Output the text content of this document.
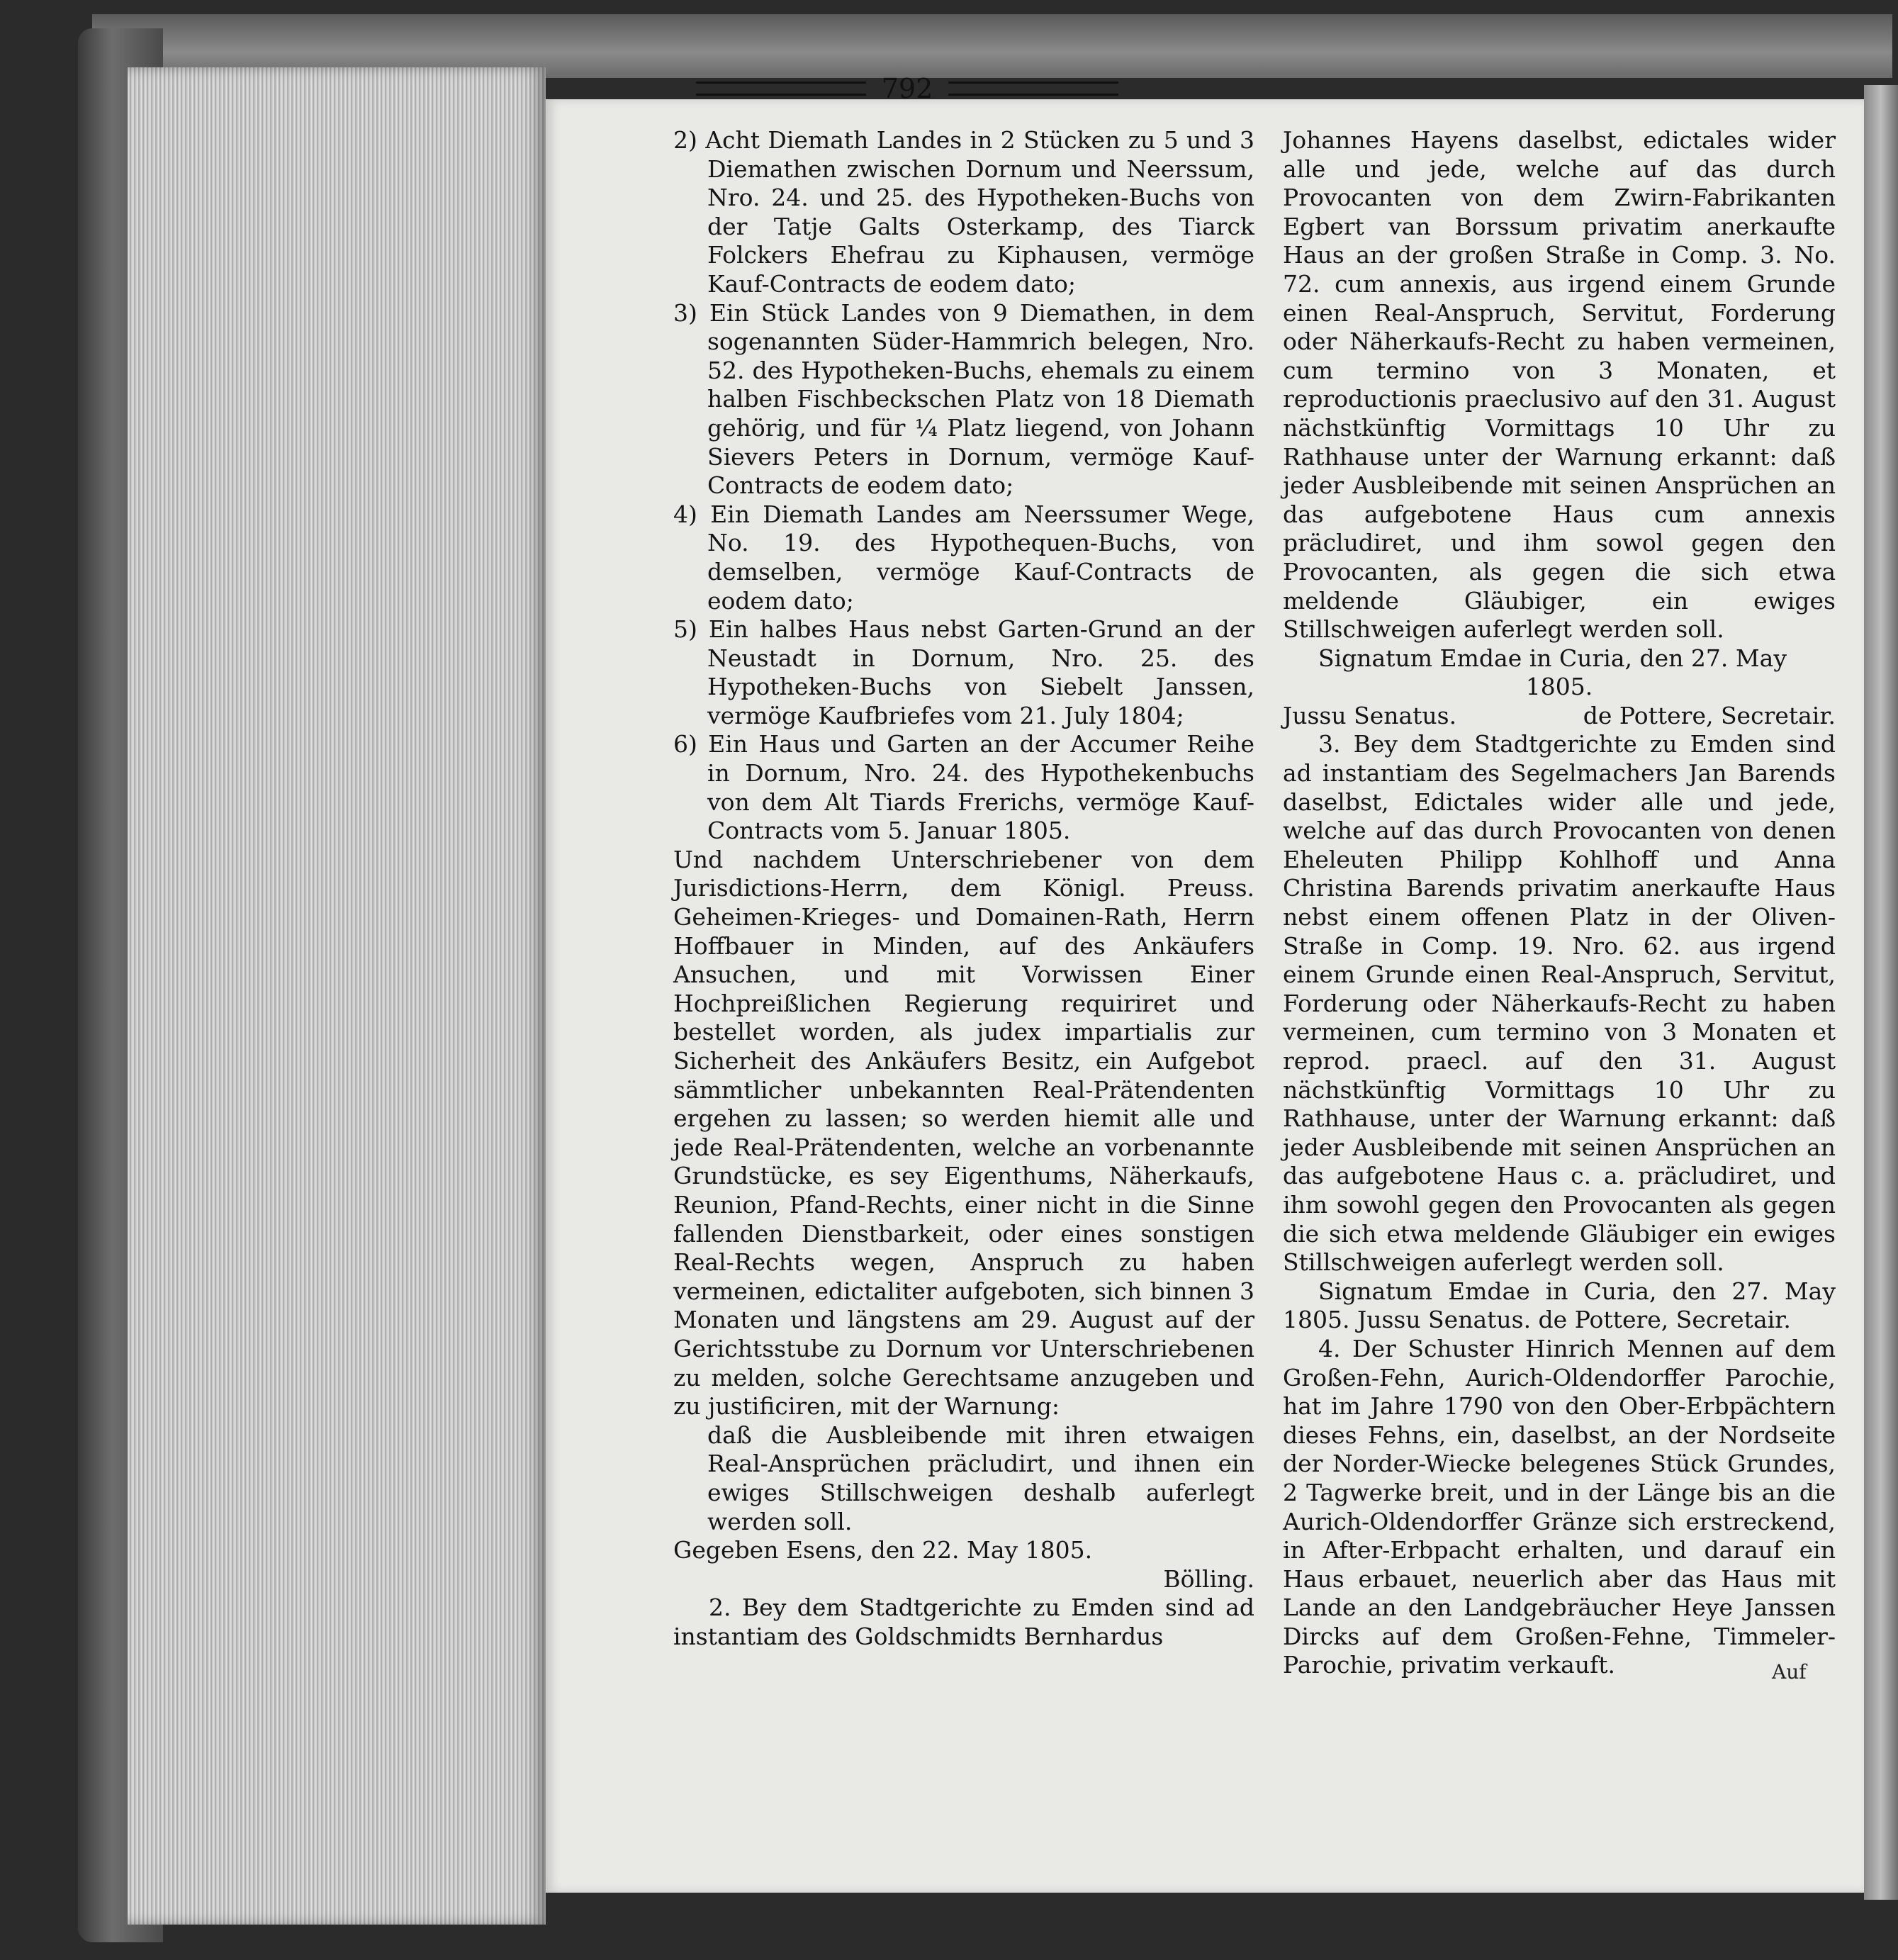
792

2) Acht Diemath Landes in 2 Stücken zu 5 und 3 Diemathen zwischen Dornum und Neerssum, Nro. 24. und 25. des Hypotheken-Buchs von der Tatje Galts Osterkamp, des Tiarck Folckers Ehefrau zu Kiphausen, vermöge Kauf-Contracts de eodem dato;

3) Ein Stück Landes von 9 Diemathen, in dem sogenannten Süder-Hammrich belegen, Nro. 52. des Hypotheken-Buchs, ehemals zu einem halben Fischbeckschen Platz von 18 Diemath gehörig, und für ¼ Platz liegend, von Johann Sievers Peters in Dornum, vermöge Kauf-Contracts de eodem dato;

4) Ein Diemath Landes am Neerssumer Wege, No. 19. des Hypothequen-Buchs, von demselben, vermöge Kauf-Contracts de eodem dato;

5) Ein halbes Haus nebst Garten-Grund an der Neustadt in Dornum, Nro. 25. des Hypotheken-Buchs von Siebelt Janssen, vermöge Kaufbriefes vom 21. July 1804;

6) Ein Haus und Garten an der Accumer Reihe in Dornum, Nro. 24. des Hypothekenbuchs von dem Alt Tiards Frerichs, vermöge Kauf-Contracts vom 5. Januar 1805.

Und nachdem Unterschriebener von dem Jurisdictions-Herrn, dem Königl. Preuss. Geheimen-Krieges- und Domainen-Rath, Herrn Hoffbauer in Minden, auf des Ankäufers Ansuchen, und mit Vorwissen Einer Hochpreißlichen Regierung requiriret und bestellet worden, als judex impartialis zur Sicherheit des Ankäufers Besitz, ein Aufgebot sämmtlicher unbekannten Real-Prätendenten ergehen zu lassen; so werden hiemit alle und jede Real-Prätendenten, welche an vorbenannte Grundstücke, es sey Eigenthums, Näherkaufs, Reunion, Pfand-Rechts, einer nicht in die Sinne fallenden Dienstbarkeit, oder eines sonstigen Real-Rechts wegen, Anspruch zu haben vermeinen, edictaliter aufgeboten, sich binnen 3 Monaten und längstens am 29. August auf der Gerichtsstube zu Dornum vor Unterschriebenen zu melden, solche Gerechtsame anzugeben und zu justificiren, mit der Warnung:

daß die Ausbleibende mit ihren etwaigen Real-Ansprüchen präcludirt, und ihnen ein ewiges Stillschweigen deshalb auferlegt werden soll.

Gegeben Esens, den 22. May 1805.

Bölling.

2. Bey dem Stadtgerichte zu Emden sind ad instantiam des Goldschmidts Bernhardus

Johannes Hayens daselbst, edictales wider alle und jede, welche auf das durch Provocanten von dem Zwirn-Fabrikanten Egbert van Borssum privatim anerkaufte Haus an der großen Straße in Comp. 3. No. 72. cum annexis, aus irgend einem Grunde einen Real-Anspruch, Servitut, Forderung oder Näherkaufs-Recht zu haben vermeinen, cum termino von 3 Monaten, et reproductionis praeclusivo auf den 31. August nächstkünftig Vormittags 10 Uhr zu Rathhause unter der Warnung erkannt: daß jeder Ausbleibende mit seinen Ansprüchen an das aufgebotene Haus cum annexis präcludiret, und ihm sowol gegen den Provocanten, als gegen die sich etwa meldende Gläubiger, ein ewiges Stillschweigen auferlegt werden soll.

Signatum Emdae in Curia, den 27. May

1805.

Jussu Senatus.	de Pottere, Secretair.

3. Bey dem Stadtgerichte zu Emden sind ad instantiam des Segelmachers Jan Barends daselbst, Edictales wider alle und jede, welche auf das durch Provocanten von denen Eheleuten Philipp Kohlhoff und Anna Christina Barends privatim anerkaufte Haus nebst einem offenen Platz in der Oliven-Straße in Comp. 19. Nro. 62. aus irgend einem Grunde einen Real-Anspruch, Servitut, Forderung oder Näherkaufs-Recht zu haben vermeinen, cum termino von 3 Monaten et reprod. praecl. auf den 31. August nächstkünftig Vormittags 10 Uhr zu Rathhause, unter der Warnung erkannt: daß jeder Ausbleibende mit seinen Ansprüchen an das aufgebotene Haus c. a. präcludiret, und ihm sowohl gegen den Provocanten als gegen die sich etwa meldende Gläubiger ein ewiges Stillschweigen auferlegt werden soll.

Signatum Emdae in Curia, den 27. May 1805. Jussu Senatus. de Pottere, Secretair.

4. Der Schuster Hinrich Mennen auf dem Großen-Fehn, Aurich-Oldendorffer Parochie, hat im Jahre 1790 von den Ober-Erbpächtern dieses Fehns, ein, daselbst, an der Nordseite der Norder-Wiecke belegenes Stück Grundes, 2 Tagwerke breit, und in der Länge bis an die Aurich-Oldendorffer Gränze sich erstreckend, in After-Erbpacht erhalten, und darauf ein Haus erbauet, neuerlich aber das Haus mit Lande an den Landgebräucher Heye Janssen Dircks auf dem Großen-Fehne, Timmeler-Parochie, privatim verkauft.	Auf
